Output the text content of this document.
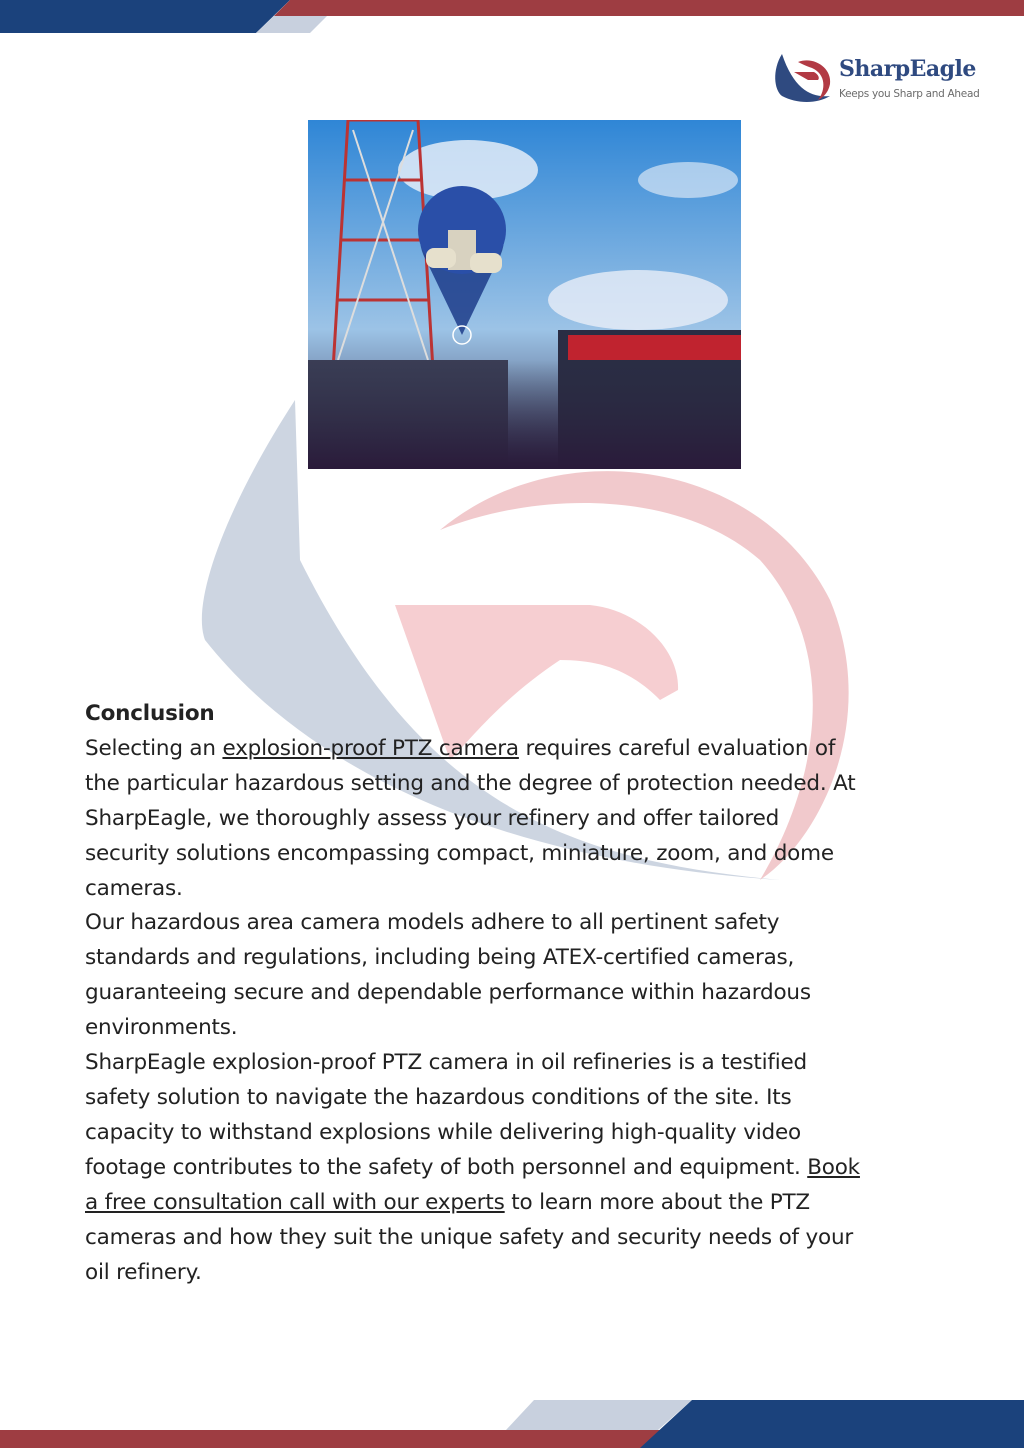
SharpEagle
Keeps you Sharp and Ahead
Conclusion
Selecting an explosion-proof PTZ camera requires careful evaluation of
the particular hazardous setting and the degree of protection needed. At
SharpEagle, we thoroughly assess your refinery and offer tailored
security solutions encompassing compact, miniature, zoom, and dome
cameras.
Our hazardous area camera models adhere to all pertinent safety
standards and regulations, including being ATEX-certified cameras,
guaranteeing secure and dependable performance within hazardous
environments.
SharpEagle explosion-proof PTZ camera in oil refineries is a testified
safety solution to navigate the hazardous conditions of the site. Its
capacity to withstand explosions while delivering high-quality video
footage contributes to the safety of both personnel and equipment. Book
a free consultation call with our experts to learn more about the PTZ
cameras and how they suit the unique safety and security needs of your
oil refinery.
